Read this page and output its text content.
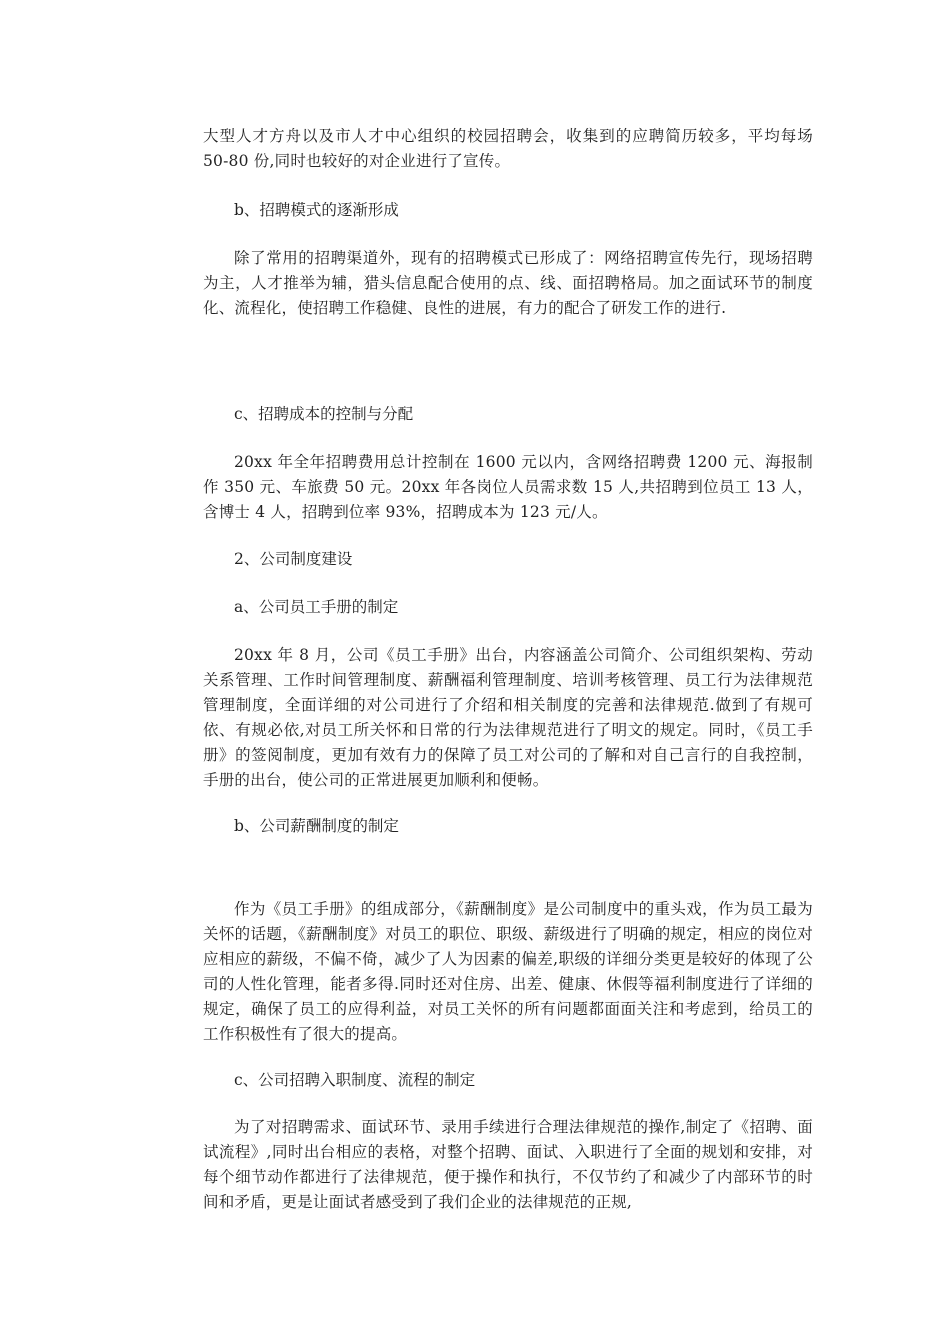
大型人才方舟以及市人才中心组织的校园招聘会，收集到的应聘简历较多，平均每场 50-80 份,同时也较好的对企业进行了宣传。

b、招聘模式的逐渐形成

除了常用的招聘渠道外，现有的招聘模式已形成了：网络招聘宣传先行，现场招聘为主，人才推举为辅，猎头信息配合使用的点、线、面招聘格局。加之面试环节的制度化、流程化，使招聘工作稳健、良性的进展，有力的配合了研发工作的进行.

c、招聘成本的控制与分配

20xx 年全年招聘费用总计控制在 1600 元以内，含网络招聘费 1200 元、海报制作 350 元、车旅费 50 元。20xx 年各岗位人员需求数 15 人,共招聘到位员工 13 人，含博士 4 人，招聘到位率 93%，招聘成本为 123 元/人。

2、公司制度建设

a、公司员工手册的制定

20xx 年 8 月，公司《员工手册》出台，内容涵盖公司简介、公司组织架构、劳动关系管理、工作时间管理制度、薪酬福利管理制度、培训考核管理、员工行为法律规范管理制度，全面详细的对公司进行了介绍和相关制度的完善和法律规范.做到了有规可依、有规必依,对员工所关怀和日常的行为法律规范进行了明文的规定。同时，《员工手册》的签阅制度，更加有效有力的保障了员工对公司的了解和对自己言行的自我控制，手册的出台，使公司的正常进展更加顺利和便畅。

b、公司薪酬制度的制定

作为《员工手册》的组成部分，《薪酬制度》是公司制度中的重头戏，作为员工最为关怀的话题，《薪酬制度》对员工的职位、职级、薪级进行了明确的规定，相应的岗位对应相应的薪级，不偏不倚，减少了人为因素的偏差,职级的详细分类更是较好的体现了公司的人性化管理，能者多得.同时还对住房、出差、健康、休假等福利制度进行了详细的规定，确保了员工的应得利益，对员工关怀的所有问题都面面关注和考虑到，给员工的工作积极性有了很大的提高。

c、公司招聘入职制度、流程的制定

为了对招聘需求、面试环节、录用手续进行合理法律规范的操作,制定了《招聘、面试流程》,同时出台相应的表格，对整个招聘、面试、入职进行了全面的规划和安排，对每个细节动作都进行了法律规范，便于操作和执行，不仅节约了和减少了内部环节的时间和矛盾，更是让面试者感受到了我们企业的法律规范的正规,
